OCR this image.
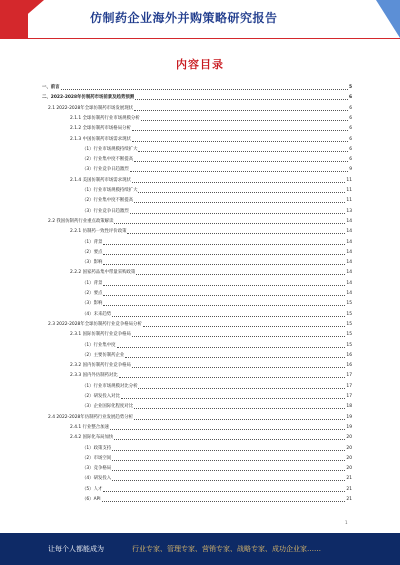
仿制药企业海外并购策略研究报告
内容目录
一、前言	5
二、2022-2028年仿制药市场前景及趋势预测	6
2.1 2022-2028年全球仿制药市场发展现状	6
2.1.1 全球仿制药行业市场规模分析	6
2.1.2 全球仿制药市场格局分析	6
2.1.3 中国仿制药市场需求现状	6
（1）行业市场规模持续扩大	6
（2）行业集中度不断提高	6
（3）行业竞争日趋激烈	9
2.1.4 美国仿制药市场需求现状	11
（1）行业市场规模持续扩大	11
（2）行业集中度不断提高	11
（3）行业竞争日趋激烈	13
2.2 我国仿制药行业重点政策解读	14
2.2.1 仿制药一致性评价政策	14
（1）背景	14
（2）要点	14
（3）影响	14
2.2.2 国家药品集中带量采购政策	14
（1）背景	14
（2）要点	14
（3）影响	15
（4）未来趋势	15
2.3 2022-2028年全球仿制药行业竞争格局分析	15
2.3.1 国际仿制药行业竞争格局	15
（1）行业集中度	15
（2）主要仿制药企业	16
2.3.2 国内仿制药行业竞争格局	16
2.3.3 国内外仿制药对比	17
（1）行业市场规模对比分析	17
（2）研发投入对比	17
（3）企业国际化程度对比	18
2.4 2022-2028年仿制药行业发展趋势分析	19
2.4.1 行业整合加速	19
2.4.2 国际化布局加快	20
（1）政策支持	20
（2）市场空间	20
（3）竞争格局	20
（4）研发投入	21
（5）人才	21
（6）API	21
1
让每个人都能成为	行业专家、管理专家、营销专家、战略专家、成功企业家……
